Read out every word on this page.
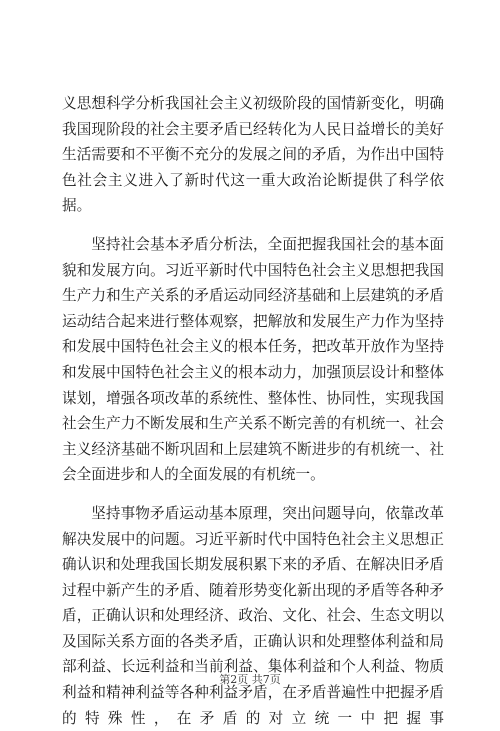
义思想科学分析我国社会主义初级阶段的国情新变化，明确我国现阶段的社会主要矛盾已经转化为人民日益增长的美好生活需要和不平衡不充分的发展之间的矛盾，为作出中国特色社会主义进入了新时代这一重大政治论断提供了科学依据。

坚持社会基本矛盾分析法，全面把握我国社会的基本面貌和发展方向。习近平新时代中国特色社会主义思想把我国生产力和生产关系的矛盾运动同经济基础和上层建筑的矛盾运动结合起来进行整体观察，把解放和发展生产力作为坚持和发展中国特色社会主义的根本任务，把改革开放作为坚持和发展中国特色社会主义的根本动力，加强顶层设计和整体谋划，增强各项改革的系统性、整体性、协同性，实现我国社会生产力不断发展和生产关系不断完善的有机统一、社会主义经济基础不断巩固和上层建筑不断进步的有机统一、社会全面进步和人的全面发展的有机统一。

坚持事物矛盾运动基本原理，突出问题导向，依靠改革解决发展中的问题。习近平新时代中国特色社会主义思想正确认识和处理我国长期发展积累下来的矛盾、在解决旧矛盾过程中新产生的矛盾、随着形势变化新出现的矛盾等各种矛盾，正确认识和处理经济、政治、文化、社会、生态文明以及国际关系方面的各类矛盾，正确认识和处理整体利益和局部利益、长远利益和当前利益、集体利益和个人利益、物质利益和精神利益等各种利益矛盾，在矛盾普遍性中把握矛盾的特殊性，在矛盾的对立统一中把握事

第2页 共7页
